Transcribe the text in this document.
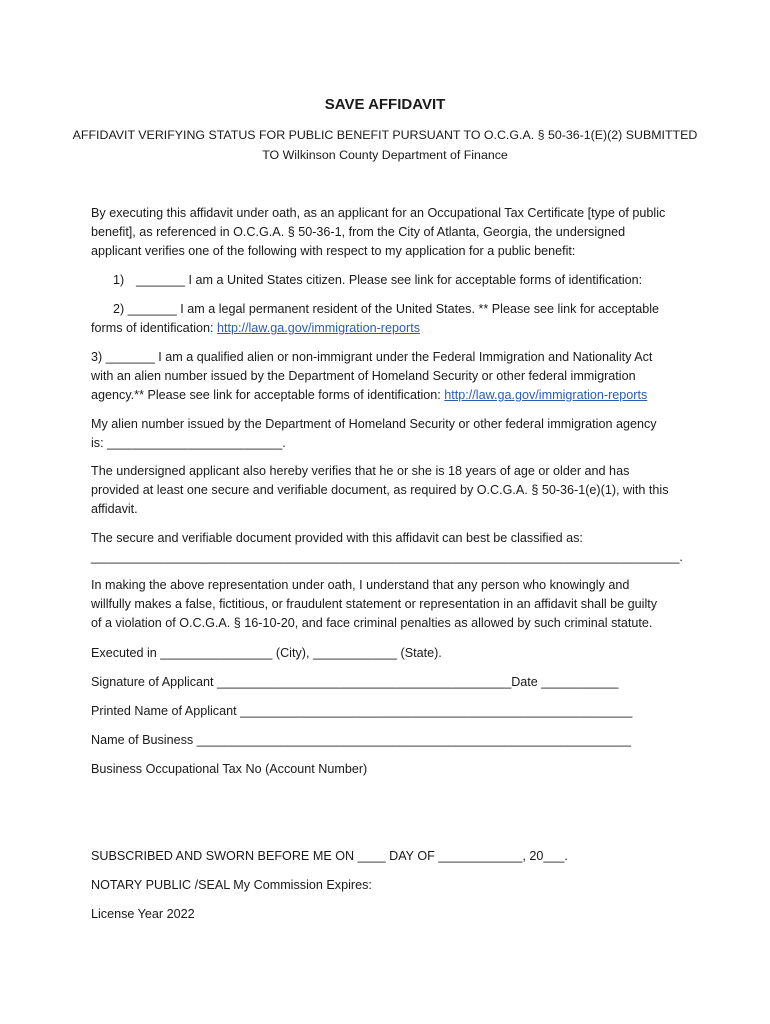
SAVE AFFIDAVIT
AFFIDAVIT VERIFYING STATUS FOR PUBLIC BENEFIT PURSUANT TO O.C.G.A. § 50-36-1(E)(2) SUBMITTED
TO Wilkinson County Department of Finance
By executing this affidavit under oath, as an applicant for an Occupational Tax Certificate [type of public
benefit], as referenced in O.C.G.A. § 50-36-1, from the City of Atlanta, Georgia, the undersigned
applicant verifies one of the following with respect to my application for a public benefit:
1) _______ I am a United States citizen. Please see link for acceptable forms of identification:
2) _______ I am a legal permanent resident of the United States. ** Please see link for acceptable
forms of identification: http://law.ga.gov/immigration-reports
3) _______ I am a qualified alien or non-immigrant under the Federal Immigration and Nationality Act
with an alien number issued by the Department of Homeland Security or other federal immigration
agency.** Please see link for acceptable forms of identification: http://law.ga.gov/immigration-reports
My alien number issued by the Department of Homeland Security or other federal immigration agency
is: _________________________.
The undersigned applicant also hereby verifies that he or she is 18 years of age or older and has
provided at least one secure and verifiable document, as required by O.C.G.A. § 50-36-1(e)(1), with this
affidavit.
The secure and verifiable document provided with this affidavit can best be classified as:
____________________________________________________________________________________.
In making the above representation under oath, I understand that any person who knowingly and
willfully makes a false, fictitious, or fraudulent statement or representation in an affidavit shall be guilty
of a violation of O.C.G.A. § 16-10-20, and face criminal penalties as allowed by such criminal statute.
Executed in ________________ (City), ____________ (State).
Signature of Applicant __________________________________________Date ___________
Printed Name of Applicant ________________________________________________________
Name of Business ______________________________________________________________
Business Occupational Tax No (Account Number)
SUBSCRIBED AND SWORN BEFORE ME ON ____ DAY OF ____________, 20___.
NOTARY PUBLIC /SEAL My Commission Expires:
License Year 2022
